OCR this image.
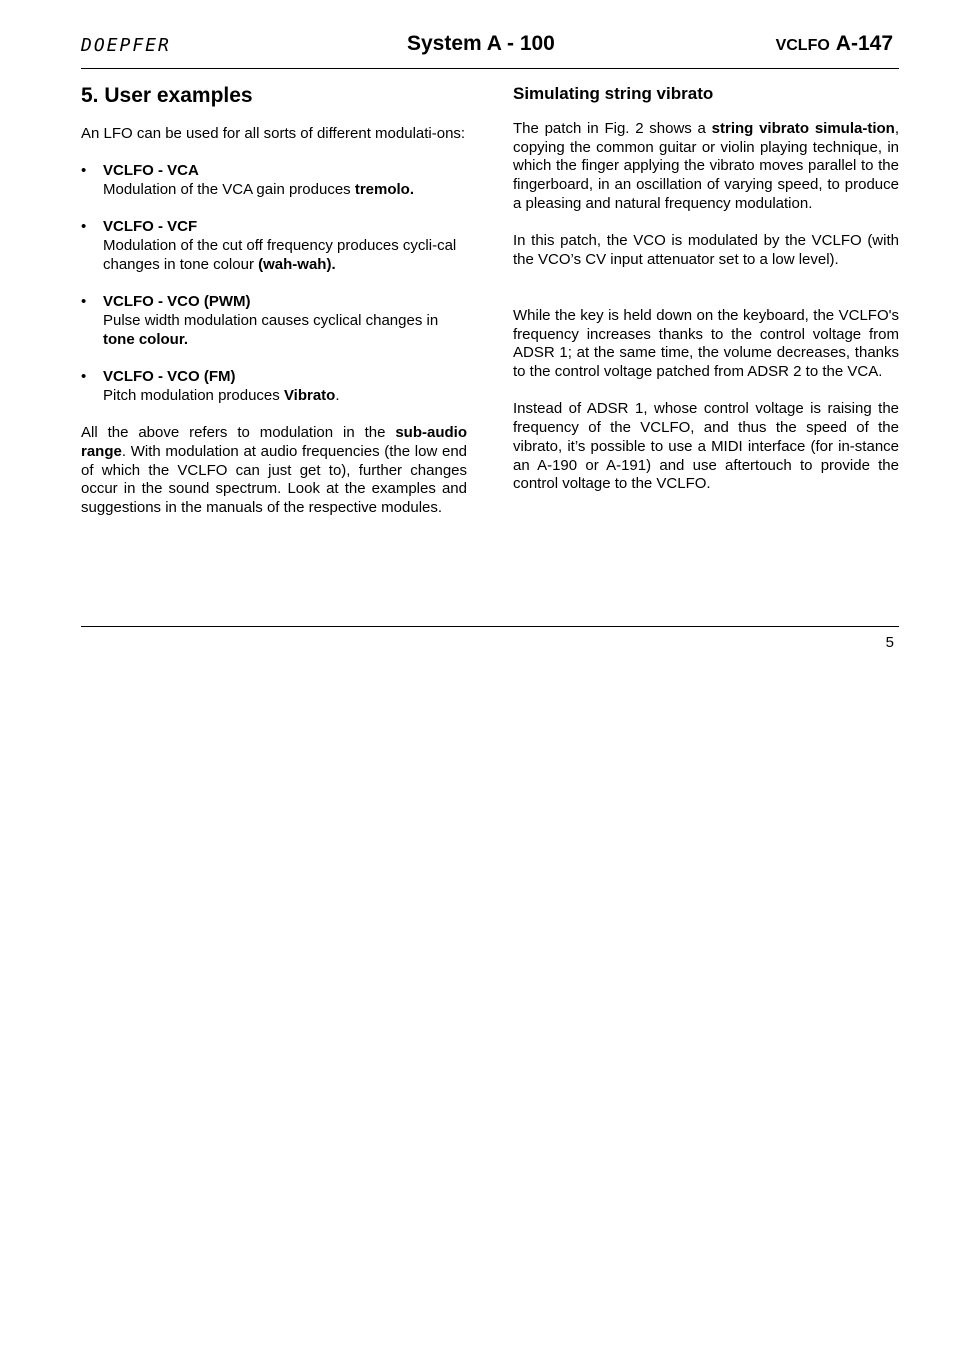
DOEPFER	System A - 100	VCLFO A-147
5. User examples

An LFO can be used for all sorts of different modulati-ons:

• VCLFO - VCA
Modulation of the VCA gain produces tremolo.
• VCLFO - VCF
Modulation of the cut off frequency produces cycli-cal changes in tone colour (wah-wah).
• VCLFO - VCO (PWM)
Pulse width modulation causes cyclical changes in tone colour.
• VCLFO - VCO (FM)
Pitch modulation produces Vibrato.

All the above refers to modulation in the sub-audio range. With modulation at audio frequencies (the low end of which the VCLFO can just get to), further changes occur in the sound spectrum. Look at the examples and suggestions in the manuals of the respective modules.

Simulating string vibrato

The patch in Fig. 2 shows a string vibrato simula-tion, copying the common guitar or violin playing technique, in which the finger applying the vibrato moves parallel to the fingerboard, in an oscillation of varying speed, to produce a pleasing and natural frequency modulation.

In this patch, the VCO is modulated by the VCLFO (with the VCO’s CV input attenuator set to a low level).

While the key is held down on the keyboard, the VCLFO's frequency increases thanks to the control voltage from ADSR 1; at the same time, the volume decreases, thanks to the control voltage patched from ADSR 2 to the VCA.

Instead of ADSR 1, whose control voltage is raising the frequency of the VCLFO, and thus the speed of the vibrato, it’s possible to use a MIDI interface (for in-stance an A-190 or A-191) and use aftertouch to provide the control voltage to the VCLFO.

5
